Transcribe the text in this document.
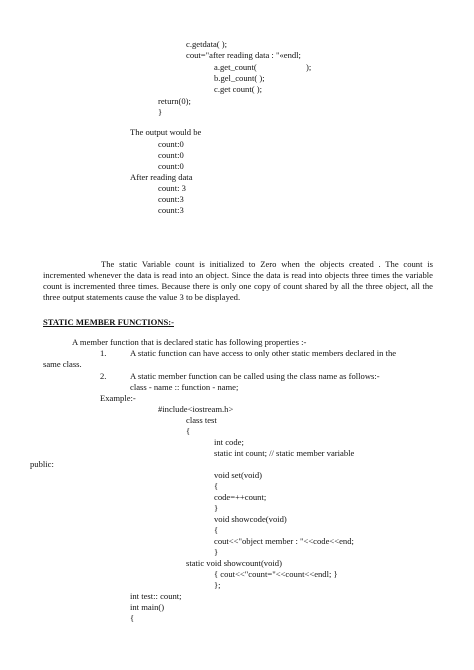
c.getdata( );
cout="after reading data : "«endl;
a.get_count(	);
b.gel_count( );
c.get count( );
return(0);
}
The output would be
count:0
count:0
count:0
After reading data
count: 3
count:3
count:3
The static Variable count is initialized to Zero when the objects created . The count is incremented whenever the data is read into an object. Since the data is read into objects three times the variable count is incremented three times. Because there is only one copy of count shared by all the three object, all the three output statements cause the value 3 to be displayed.
STATIC MEMBER FUNCTIONS:-
A member function that is declared static has following properties :-
1.	A static function can have access to only other static members declared in the
same class.
2.	A static member function can be called using the class name as follows:-
class - name :: function - name;
Example:-
#include<iostream.h>
class test
{
int code;
static int count; // static member variable
public:
void set(void)
{
code=++count;
}
void showcode(void)
{
cout<<"object member : "<<code<<end;
}
static void showcount(void)
{ cout<<"count="<<count<<endl; }
};
int test:: count;
int main()
{
